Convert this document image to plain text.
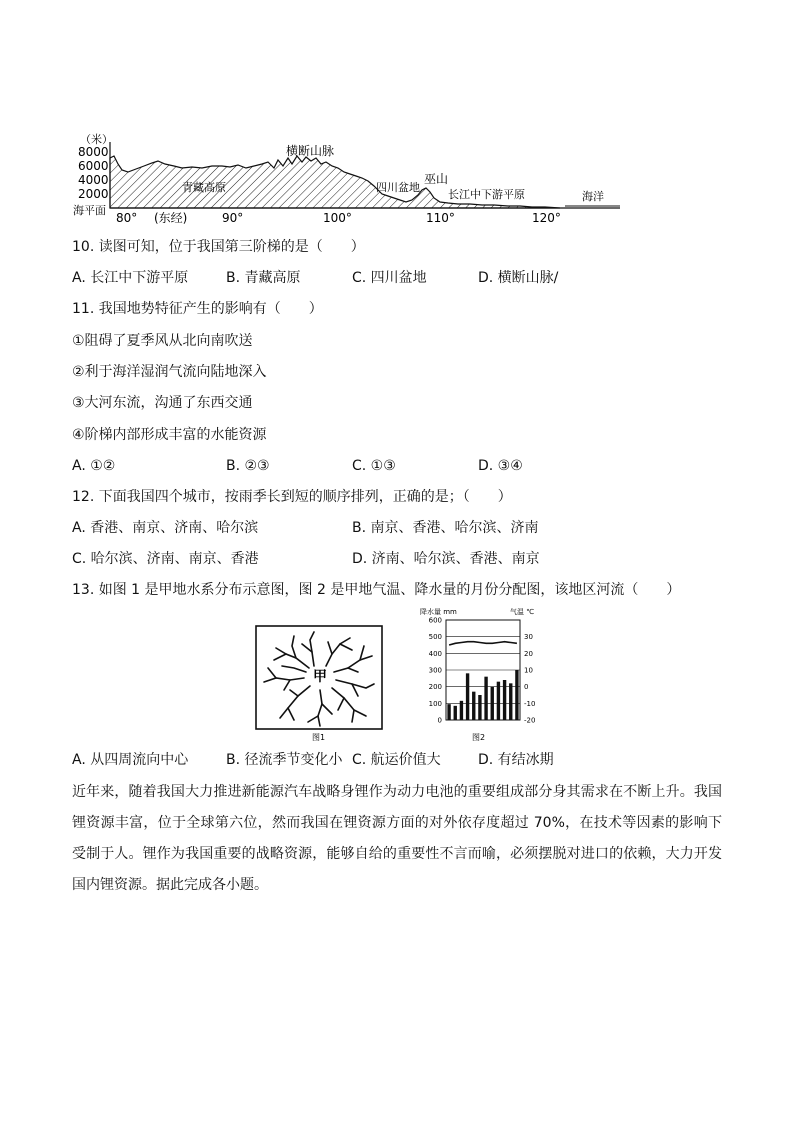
（米）
8000
6000
4000
2000
海平面
青藏高原
横断山脉
四川盆地
巫山
长江中下游平原	海洋
80° (东经)	90°	100°	110°	120°
10. 读图可知，位于我国第三阶梯的是（　　）
A. 长江中下游平原	B. 青藏高原	C. 四川盆地	D. 横断山脉/
11. 我国地势特征产生的影响有（　　）
①阻碍了夏季风从北向南吹送
②利于海洋湿润气流向陆地深入
③大河东流，沟通了东西交通
④阶梯内部形成丰富的水能资源
A. ①②	B. ②③	C. ①③	D. ③④
12. 下面我国四个城市，按雨季长到短的顺序排列，正确的是；（　　）
A. 香港、南京、济南、哈尔滨	B. 南京、香港、哈尔滨、济南
C. 哈尔滨、济南、南京、香港	D. 济南、哈尔滨、香港、南京
13. 如图 1 是甲地水系分布示意图，图 2 是甲地气温、降水量的月份分配图，该地区河流（　　）
甲
图1
降水量 mm	气温 ℃
600
500
400
300
200
100
0
30
20
10
0
-10
-20
图2
A. 从四周流向中心	B. 径流季节变化小 C. 航运价值大	D. 有结冰期
近年来，随着我国大力推进新能源汽车战略身锂作为动力电池的重要组成部分身其需求在不断上升。我国锂资源丰富，位于全球第六位，然而我国在锂资源方面的对外依存度超过 70%，在技术等因素的影响下受制于人。锂作为我国重要的战略资源，能够自给的重要性不言而喻，必须摆脱对进口的依赖，大力开发国内锂资源。据此完成各小题。
